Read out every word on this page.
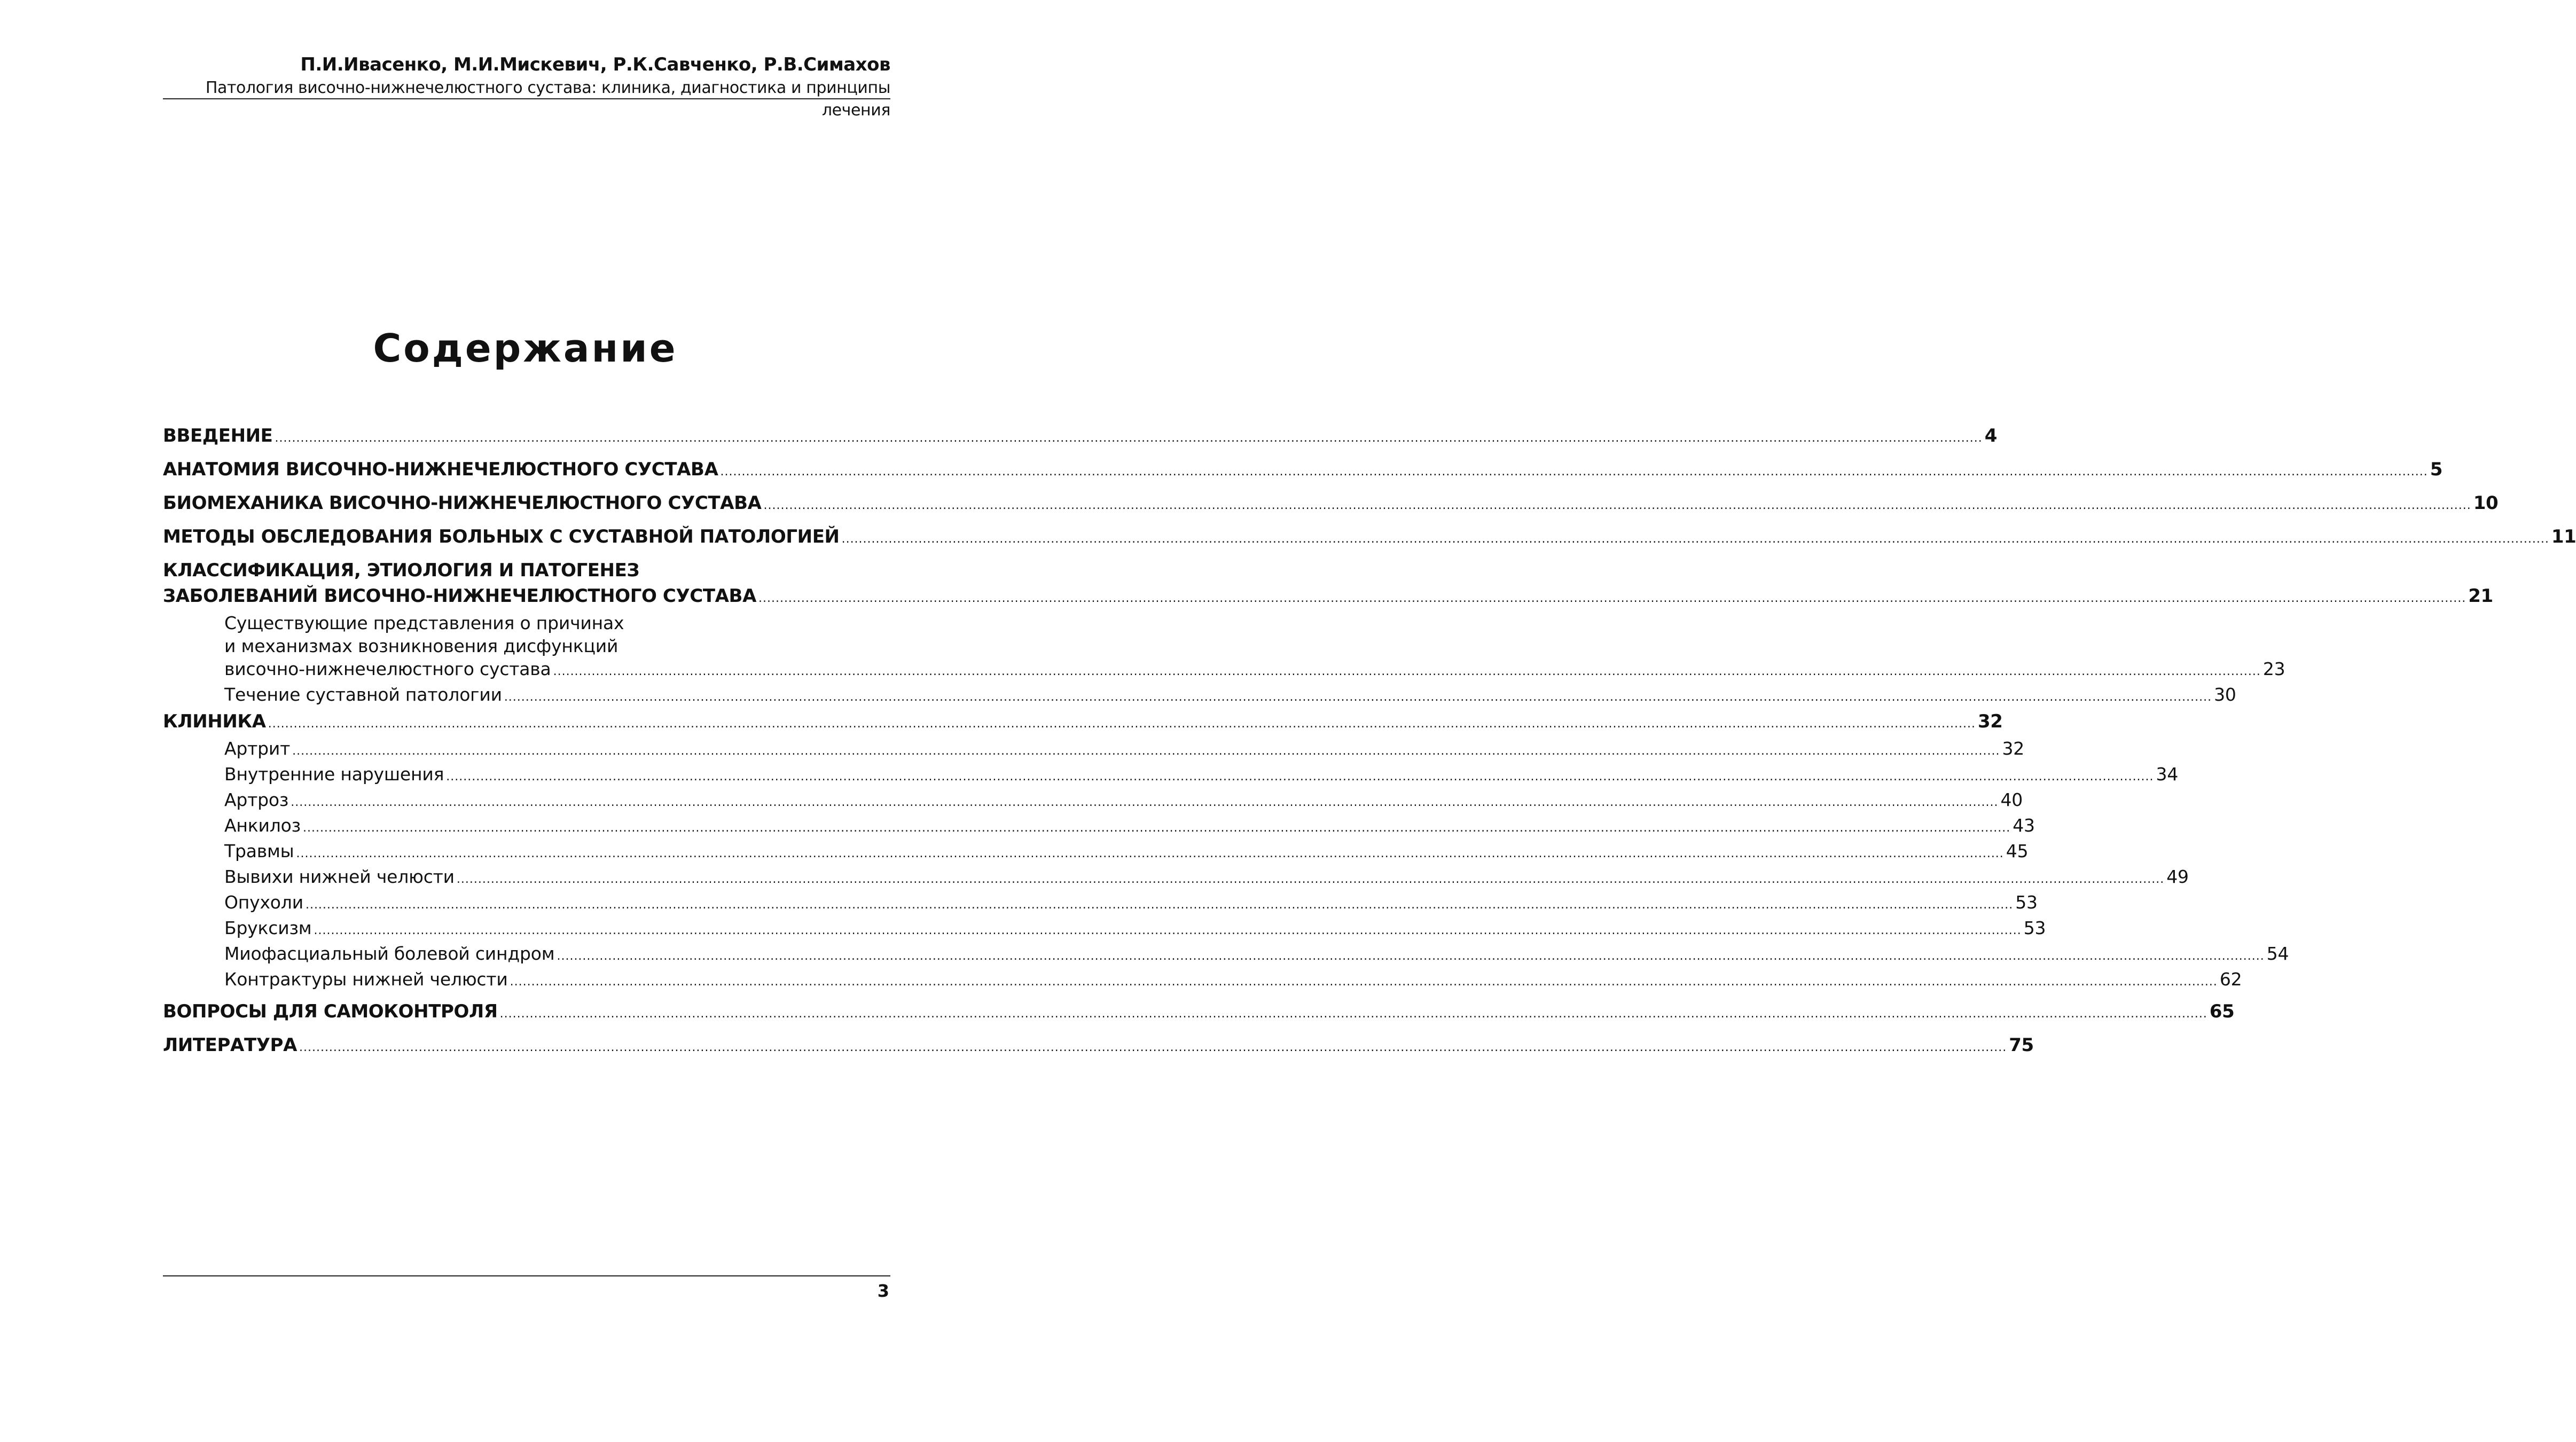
П.И.Ивасенко, М.И.Мискевич, Р.К.Савченко, Р.В.Симахов
Патология височно-нижнечелюстного сустава: клиника, диагностика и принципы лечения
Содержание
ВВЕДЕНИЕ ................................................................................................................................................................................................................................................................................................................................................................................................................ 4
АНАТОМИЯ ВИСОЧНО-НИЖНЕЧЕЛЮСТНОГО СУСТАВА ................................................................................................................................................................................................................................................................................................................................................................................................................ 5
БИОМЕХАНИКА ВИСОЧНО-НИЖНЕЧЕЛЮСТНОГО СУСТАВА ................................................................................................................................................................................................................................................................................................................................................................................................................ 10
МЕТОДЫ ОБСЛЕДОВАНИЯ БОЛЬНЫХ С СУСТАВНОЙ ПАТОЛОГИЕЙ ................................................................................................................................................................................................................................................................................................................................................................................................................ 11
КЛАССИФИКАЦИЯ, ЭТИОЛОГИЯ И ПАТОГЕНЕЗ
ЗАБОЛЕВАНИЙ ВИСОЧНО-НИЖНЕЧЕЛЮСТНОГО СУСТАВА ................................................................................................................................................................................................................................................................................................................................................................................................................ 21
Существующие представления о причинах
и механизмах возникновения дисфункций
височно-нижнечелюстного сустава ................................................................................................................................................................................................................................................................................................................................................................................................................ 23
Течение суставной патологии ................................................................................................................................................................................................................................................................................................................................................................................................................ 30
КЛИНИКА ................................................................................................................................................................................................................................................................................................................................................................................................................ 32
Артрит ................................................................................................................................................................................................................................................................................................................................................................................................................ 32
Внутренние нарушения ................................................................................................................................................................................................................................................................................................................................................................................................................ 34
Артроз ................................................................................................................................................................................................................................................................................................................................................................................................................ 40
Анкилоз ................................................................................................................................................................................................................................................................................................................................................................................................................ 43
Травмы ................................................................................................................................................................................................................................................................................................................................................................................................................ 45
Вывихи нижней челюсти ................................................................................................................................................................................................................................................................................................................................................................................................................ 49
Опухоли ................................................................................................................................................................................................................................................................................................................................................................................................................ 53
Бруксизм ................................................................................................................................................................................................................................................................................................................................................................................................................ 53
Миофасциальный болевой синдром ................................................................................................................................................................................................................................................................................................................................................................................................................ 54
Контрактуры нижней челюсти ................................................................................................................................................................................................................................................................................................................................................................................................................ 62
ВОПРОСЫ ДЛЯ САМОКОНТРОЛЯ ................................................................................................................................................................................................................................................................................................................................................................................................................ 65
ЛИТЕРАТУРА ................................................................................................................................................................................................................................................................................................................................................................................................................ 75
3
